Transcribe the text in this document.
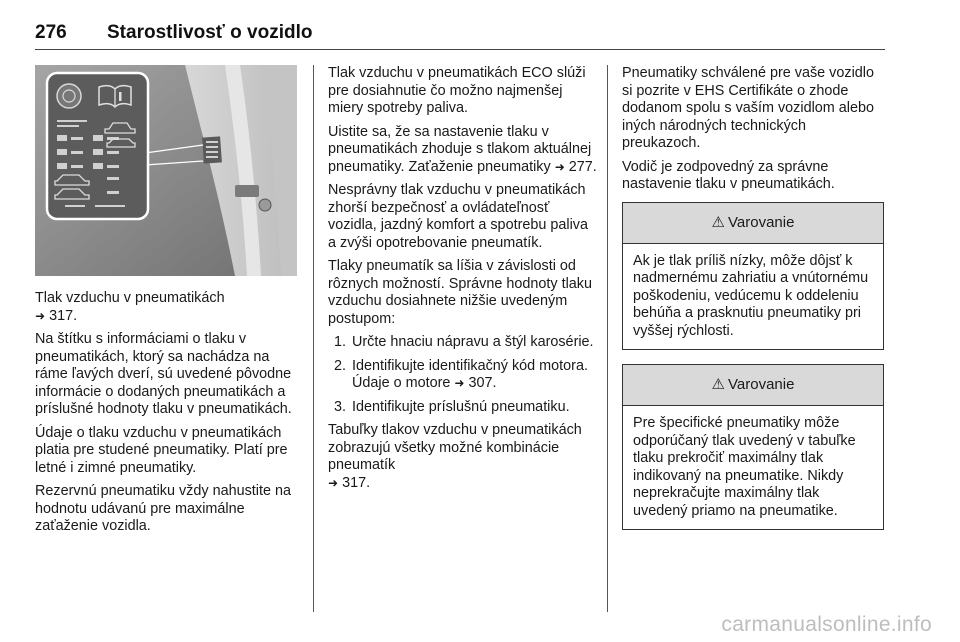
276 Starostlivosť o vozidlo

Tlak vzduchu v pneumatikách
➜​ 317.

Na štítku s informáciami o tlaku v pneumatikách, ktorý sa nachádza na ráme ľavých dverí, sú uvedené pôvodne informácie o dodaných pneumatikách a príslušné hodnoty tlaku v pneumatikách.

Údaje o tlaku vzduchu v pneumatikách platia pre studené pneumatiky. Platí pre letné i zimné pneumatiky.

Rezervnú pneumatiku vždy nahustite na hodnotu udávanú pre maximálne zaťaženie vozidla.

Tlak vzduchu v pneumatikách ECO slúži pre dosiahnutie čo možno najmenšej miery spotreby paliva.

Uistite sa, že sa nastavenie tlaku v pneumatikách zhoduje s tlakom aktuálnej pneumatiky. Zaťaženie pneumatiky ➜ 277.

Nesprávny tlak vzduchu v pneumatikách zhorší bezpečnosť a ovládateľnosť vozidla, jazdný komfort a spotrebu paliva a zvýši opotrebovanie pneumatík.

Tlaky pneumatík sa líšia v závislosti od rôznych možností. Správne hodnoty tlaku vzduchu dosiahnete nižšie uvedeným postupom:

1. Určte hnaciu nápravu a štýl karosérie.
2. Identifikujte identifikačný kód motora. Údaje o motore ➜ 307.
3. Identifikujte príslušnú pneumatiku.

Tabuľky tlakov vzduchu v pneumatikách zobrazujú všetky možné kombinácie pneumatík
➜ 317.

Pneumatiky schválené pre vaše vozidlo si pozrite v EHS Certifikáte o zhode dodanom spolu s vaším vozidlom alebo iných národných technických preukazoch.

Vodič je zodpovedný za správne nastavenie tlaku v pneumatikách.

⚠ Varovanie
Ak je tlak príliš nízky, môže dôjsť k nadmernému zahriatiu a vnútornému poškodeniu, vedúcemu k oddeleniu behúňa a prasknutiu pneumatiky pri vyššej rýchlosti.
⚠ Varovanie
Pre špecifické pneumatiky môže odporúčaný tlak uvedený v tabuľke tlaku prekročiť maximálny tlak indikovaný na pneumatike. Nikdy neprekračujte maximálny tlak uvedený priamo na pneumatike.
carmanualsonline.info
